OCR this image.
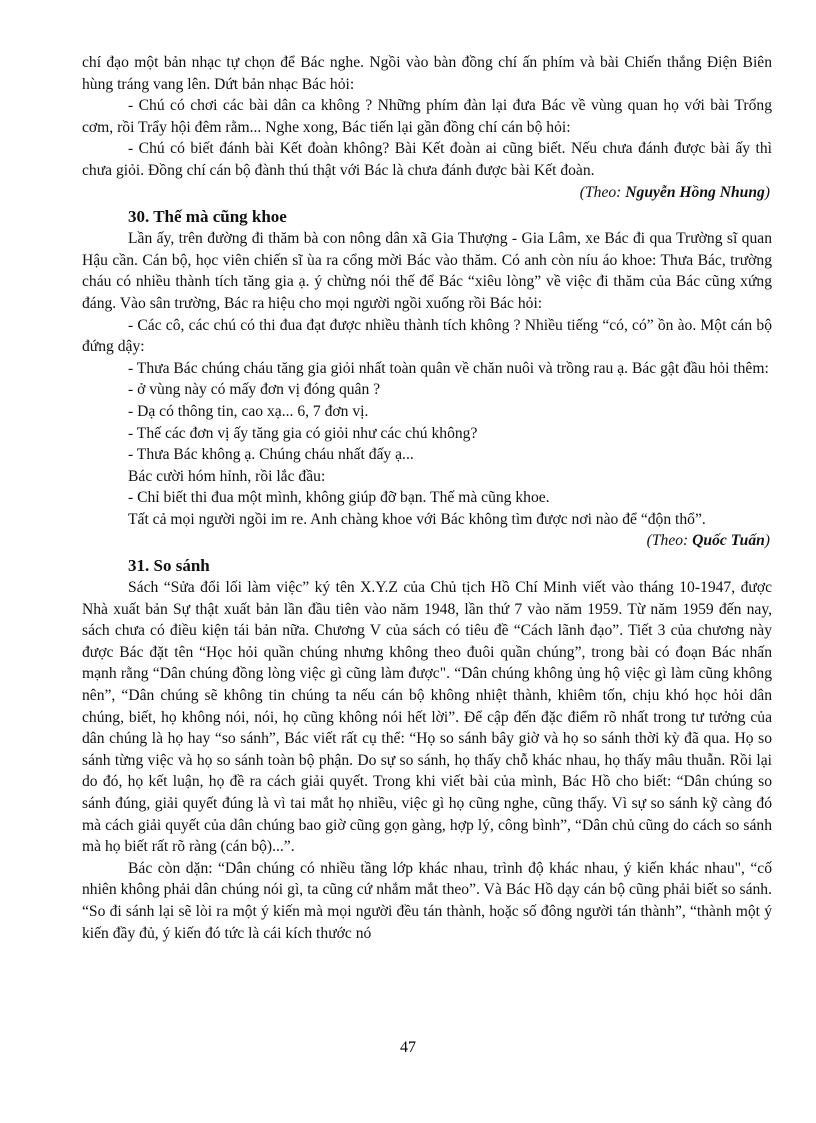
chí đạo một bản nhạc tự chọn để Bác nghe. Ngồi vào bàn đồng chí ấn phím và bài Chiến thắng Điện Biên hùng tráng vang lên. Dứt bản nhạc Bác hỏi:

- Chú có chơi các bài dân ca không ? Những phím đàn lại đưa Bác về vùng quan họ với bài Trống cơm, rồi Trẩy hội đêm rằm... Nghe xong, Bác tiến lại gần đồng chí cán bộ hỏi:

- Chú có biết đánh bài Kết đoàn không? Bài Kết đoàn ai cũng biết. Nếu chưa đánh được bài ấy thì chưa giỏi. Đồng chí cán bộ đành thú thật với Bác là chưa đánh được bài Kết đoàn.

(Theo: Nguyễn Hồng Nhung)

30. Thế mà cũng khoe

Lần ấy, trên đường đi thăm bà con nông dân xã Gia Thượng - Gia Lâm, xe Bác đi qua Trường sĩ quan Hậu cần. Cán bộ, học viên chiến sĩ ùa ra cổng mời Bác vào thăm. Có anh còn níu áo khoe: Thưa Bác, trường cháu có nhiều thành tích tăng gia ạ. ý chừng nói thế để Bác “xiêu lòng” về việc đi thăm của Bác cũng xứng đáng. Vào sân trường, Bác ra hiệu cho mọi người ngồi xuống rồi Bác hỏi:

- Các cô, các chú có thi đua đạt được nhiều thành tích không ? Nhiều tiếng “có, có” ồn ào. Một cán bộ đứng dậy:

- Thưa Bác chúng cháu tăng gia giỏi nhất toàn quân về chăn nuôi và trồng rau ạ. Bác gật đầu hỏi thêm:

- ở vùng này có mấy đơn vị đóng quân ?

- Dạ có thông tin, cao xạ... 6, 7 đơn vị.

- Thế các đơn vị ấy tăng gia có giỏi như các chú không?

- Thưa Bác không ạ. Chúng cháu nhất đấy ạ...

Bác cười hóm hỉnh, rồi lắc đầu:

- Chỉ biết thi đua một mình, không giúp đỡ bạn. Thế mà cũng khoe.

Tất cả mọi người ngồi im re. Anh chàng khoe với Bác không tìm được nơi nào để “độn thổ”.

(Theo: Quốc Tuấn)

31. So sánh

Sách “Sửa đổi lối làm việc” ký tên X.Y.Z của Chủ tịch Hồ Chí Minh viết vào tháng 10-1947, được Nhà xuất bản Sự thật xuất bản lần đầu tiên vào năm 1948, lần thứ 7 vào năm 1959. Từ năm 1959 đến nay, sách chưa có điều kiện tái bản nữa. Chương V của sách có tiêu đề “Cách lãnh đạo”. Tiết 3 của chương này được Bác đặt tên “Học hỏi quần chúng nhưng không theo đuôi quần chúng”, trong bài có đoạn Bác nhấn mạnh rằng “Dân chúng đồng lòng việc gì cũng làm được". “Dân chúng không ủng hộ việc gì làm cũng không nên”, “Dân chúng sẽ không tin chúng ta nếu cán bộ không nhiệt thành, khiêm tốn, chịu khó học hỏi dân chúng, biết, họ không nói, nói, họ cũng không nói hết lời”. Để cập đến đặc điểm rõ nhất trong tư tưởng của dân chúng là họ hay “so sánh”, Bác viết rất cụ thể: “Họ so sánh bây giờ và họ so sánh thời kỳ đã qua. Họ so sánh từng việc và họ so sánh toàn bộ phận. Do sự so sánh, họ thấy chỗ khác nhau, họ thấy mâu thuẫn. Rồi lại do đó, họ kết luận, họ đề ra cách giải quyết. Trong khi viết bài của mình, Bác Hồ cho biết: “Dân chúng so sánh đúng, giải quyết đúng là vì tai mắt họ nhiều, việc gì họ cũng nghe, cũng thấy. Vì sự so sánh kỹ càng đó mà cách giải quyết của dân chúng bao giờ cũng gọn gàng, hợp lý, công bình”, “Dân chủ cũng do cách so sánh mà họ biết rất rõ ràng (cán bộ)...”.

Bác còn dặn: “Dân chúng có nhiều tầng lớp khác nhau, trình độ khác nhau, ý kiến khác nhau", “cố nhiên không phải dân chúng nói gì, ta cũng cứ nhắm mắt theo”. Và Bác Hồ dạy cán bộ cũng phải biết so sánh. “So đi sánh lại sẽ lòi ra một ý kiến mà mọi người đều tán thành, hoặc số đông người tán thành”, “thành một ý kiến đầy đủ, ý kiến đó tức là cái kích thước nó

47
